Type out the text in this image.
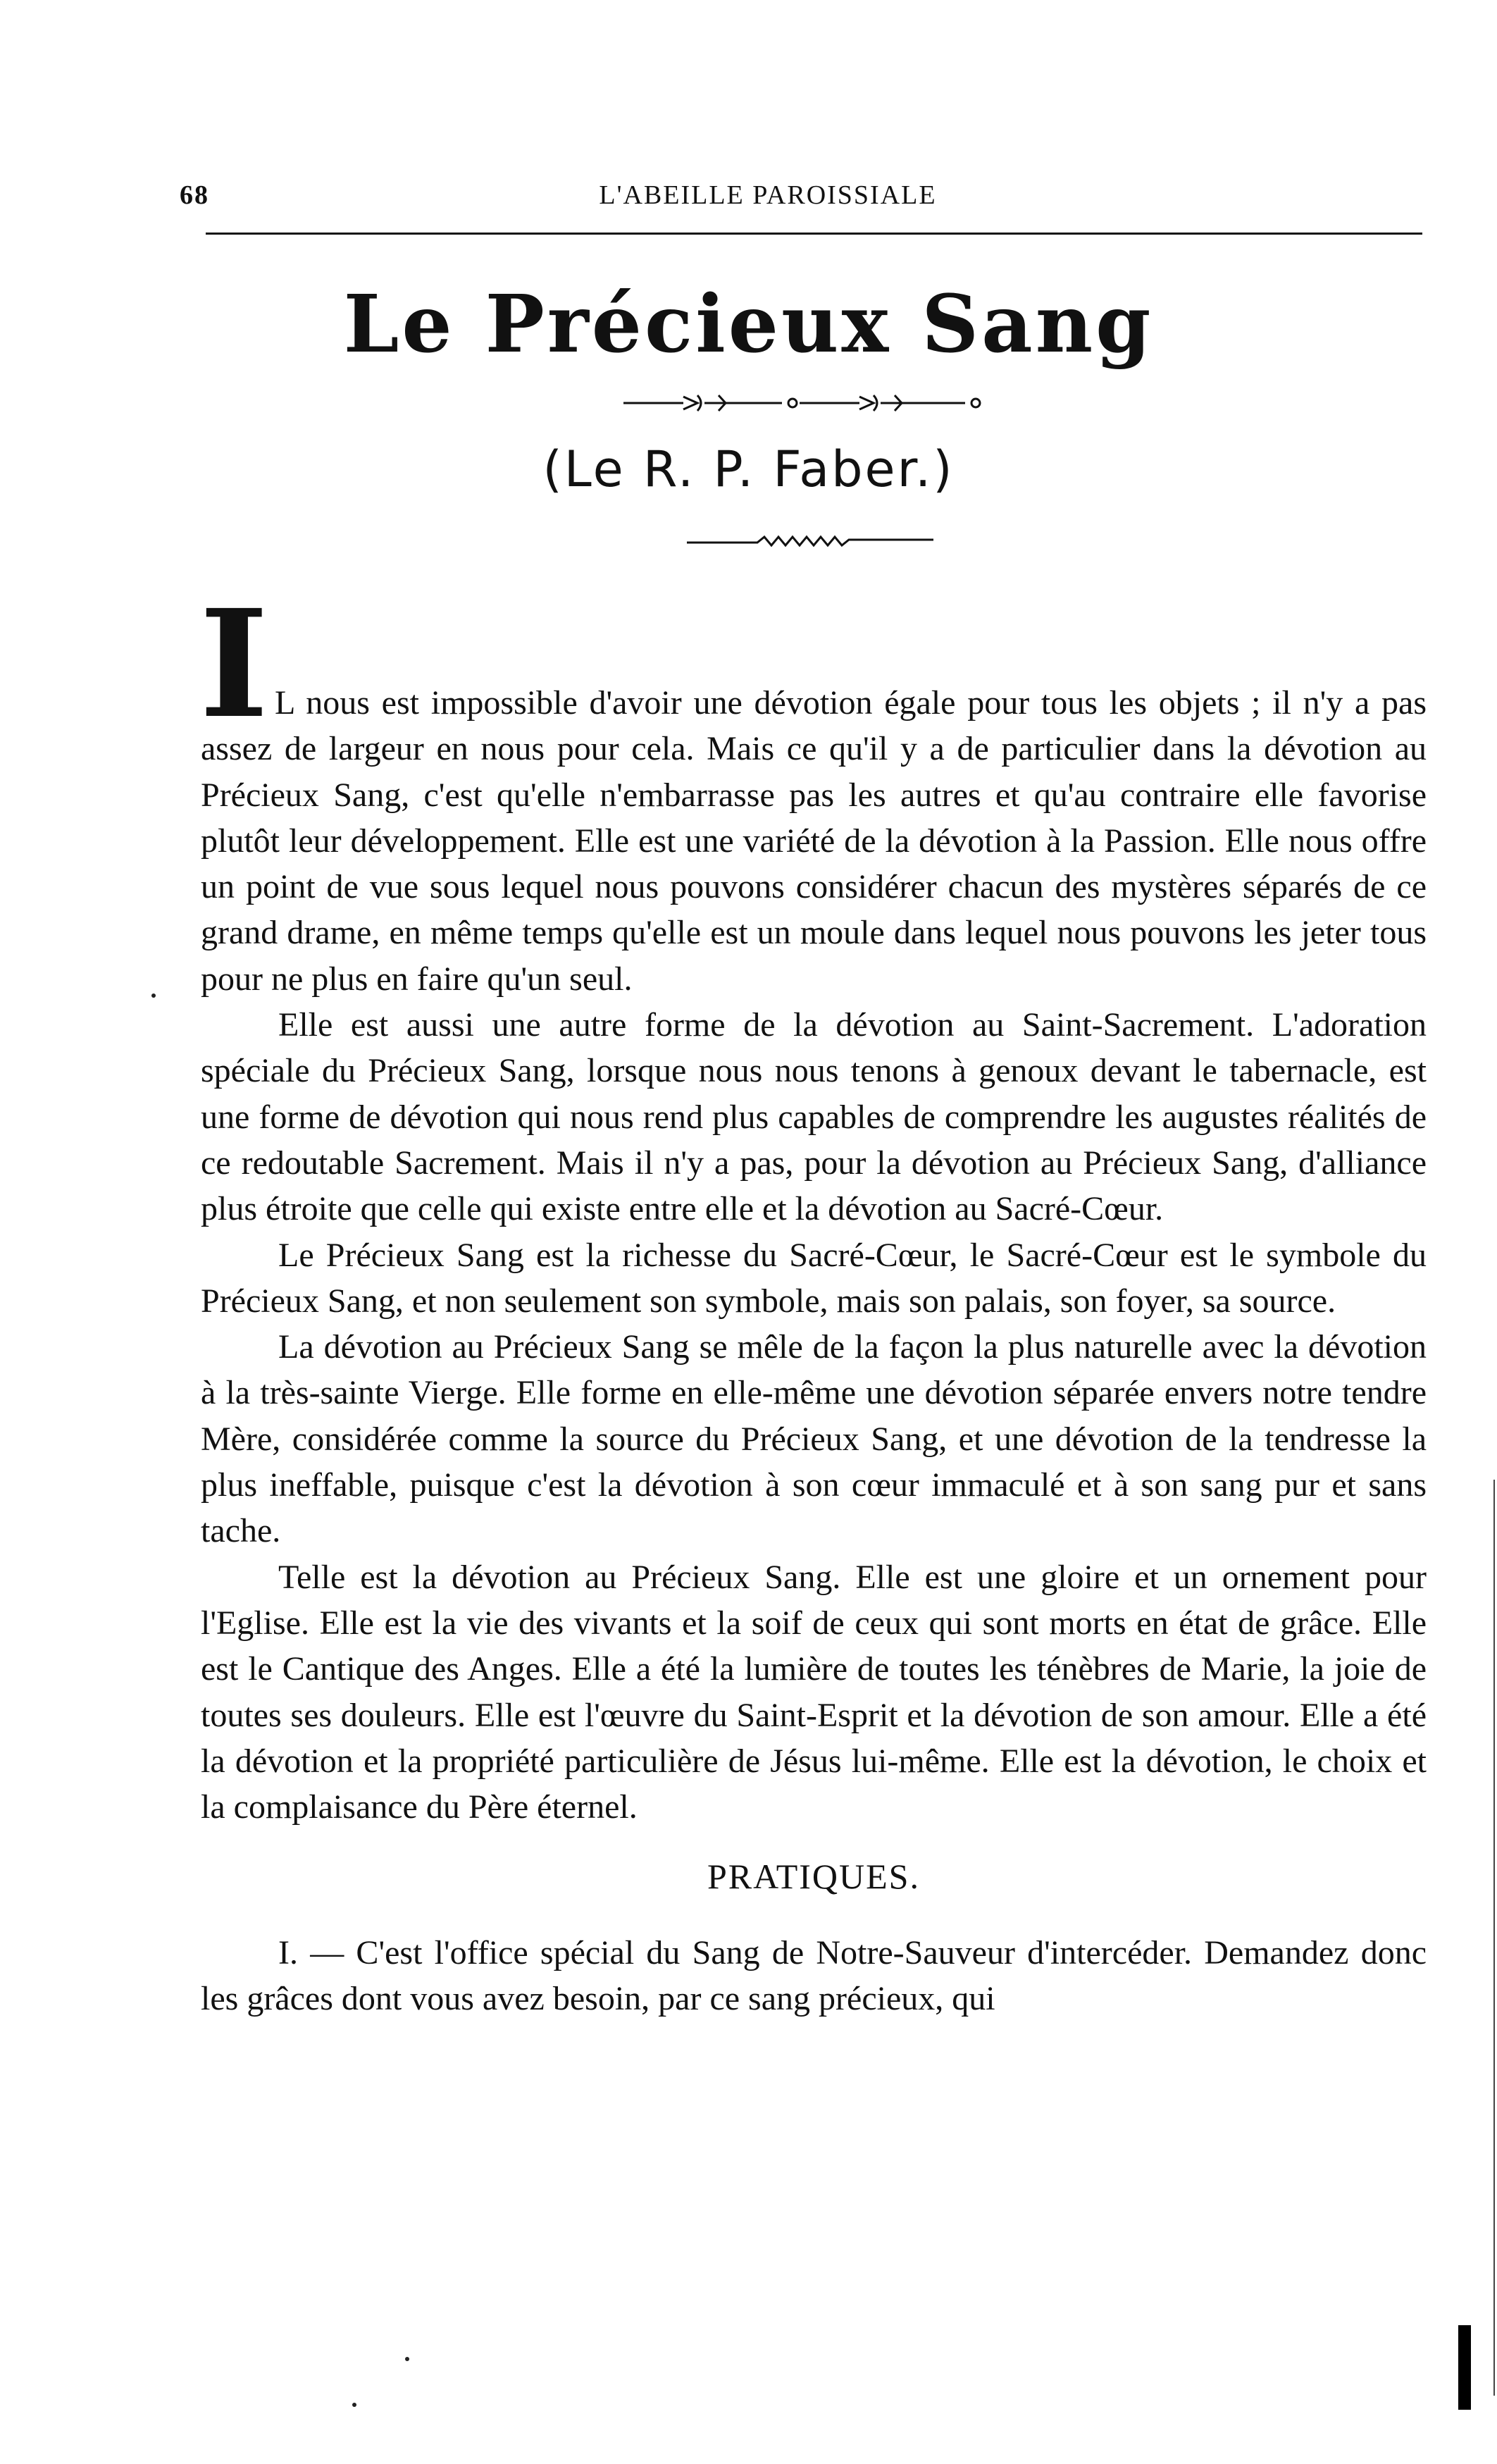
68	L'ABEILLE PAROISSIALE
Le Précieux Sang
(Le R. P. Faber.)
I L nous est impossible d'avoir une dévotion égale pour tous les objets ; il n'y a pas assez de largeur en nous pour cela. Mais ce qu'il y a de particulier dans la dévotion au Précieux Sang, c'est qu'elle n'embarrasse pas les autres et qu'au contraire elle favorise plutôt leur développement. Elle est une variété de la dévotion à la Passion. Elle nous offre un point de vue sous lequel nous pouvons considérer chacun des mystères séparés de ce grand drame, en même temps qu'elle est un moule dans lequel nous pouvons les jeter tous pour ne plus en faire qu'un seul.

Elle est aussi une autre forme de la dévotion au Saint-Sacrement. L'adoration spéciale du Précieux Sang, lorsque nous nous tenons à genoux devant le tabernacle, est une forme de dévotion qui nous rend plus capables de comprendre les augustes réalités de ce redoutable Sacrement. Mais il n'y a pas, pour la dévotion au Précieux Sang, d'alliance plus étroite que celle qui existe entre elle et la dévotion au Sacré-Cœur.

Le Précieux Sang est la richesse du Sacré-Cœur, le Sacré-Cœur est le symbole du Précieux Sang, et non seulement son symbole, mais son palais, son foyer, sa source.

La dévotion au Précieux Sang se mêle de la façon la plus naturelle avec la dévotion à la très-sainte Vierge. Elle forme en elle-même une dévotion séparée envers notre tendre Mère, considérée comme la source du Précieux Sang, et une dévotion de la tendresse la plus ineffable, puisque c'est la dévotion à son cœur immaculé et à son sang pur et sans tache.

Telle est la dévotion au Précieux Sang. Elle est une gloire et un ornement pour l'Eglise. Elle est la vie des vivants et la soif de ceux qui sont morts en état de grâce. Elle est le Cantique des Anges. Elle a été la lumière de toutes les ténèbres de Marie, la joie de toutes ses douleurs. Elle est l'œuvre du Saint-Esprit et la dévotion de son amour. Elle a été la dévotion et la propriété particulière de Jésus lui-même. Elle est la dévotion, le choix et la complaisance du Père éternel.

PRATIQUES.

I. — C'est l'office spécial du Sang de Notre-Sauveur d'intercéder. Demandez donc les grâces dont vous avez besoin, par ce sang précieux, qui
